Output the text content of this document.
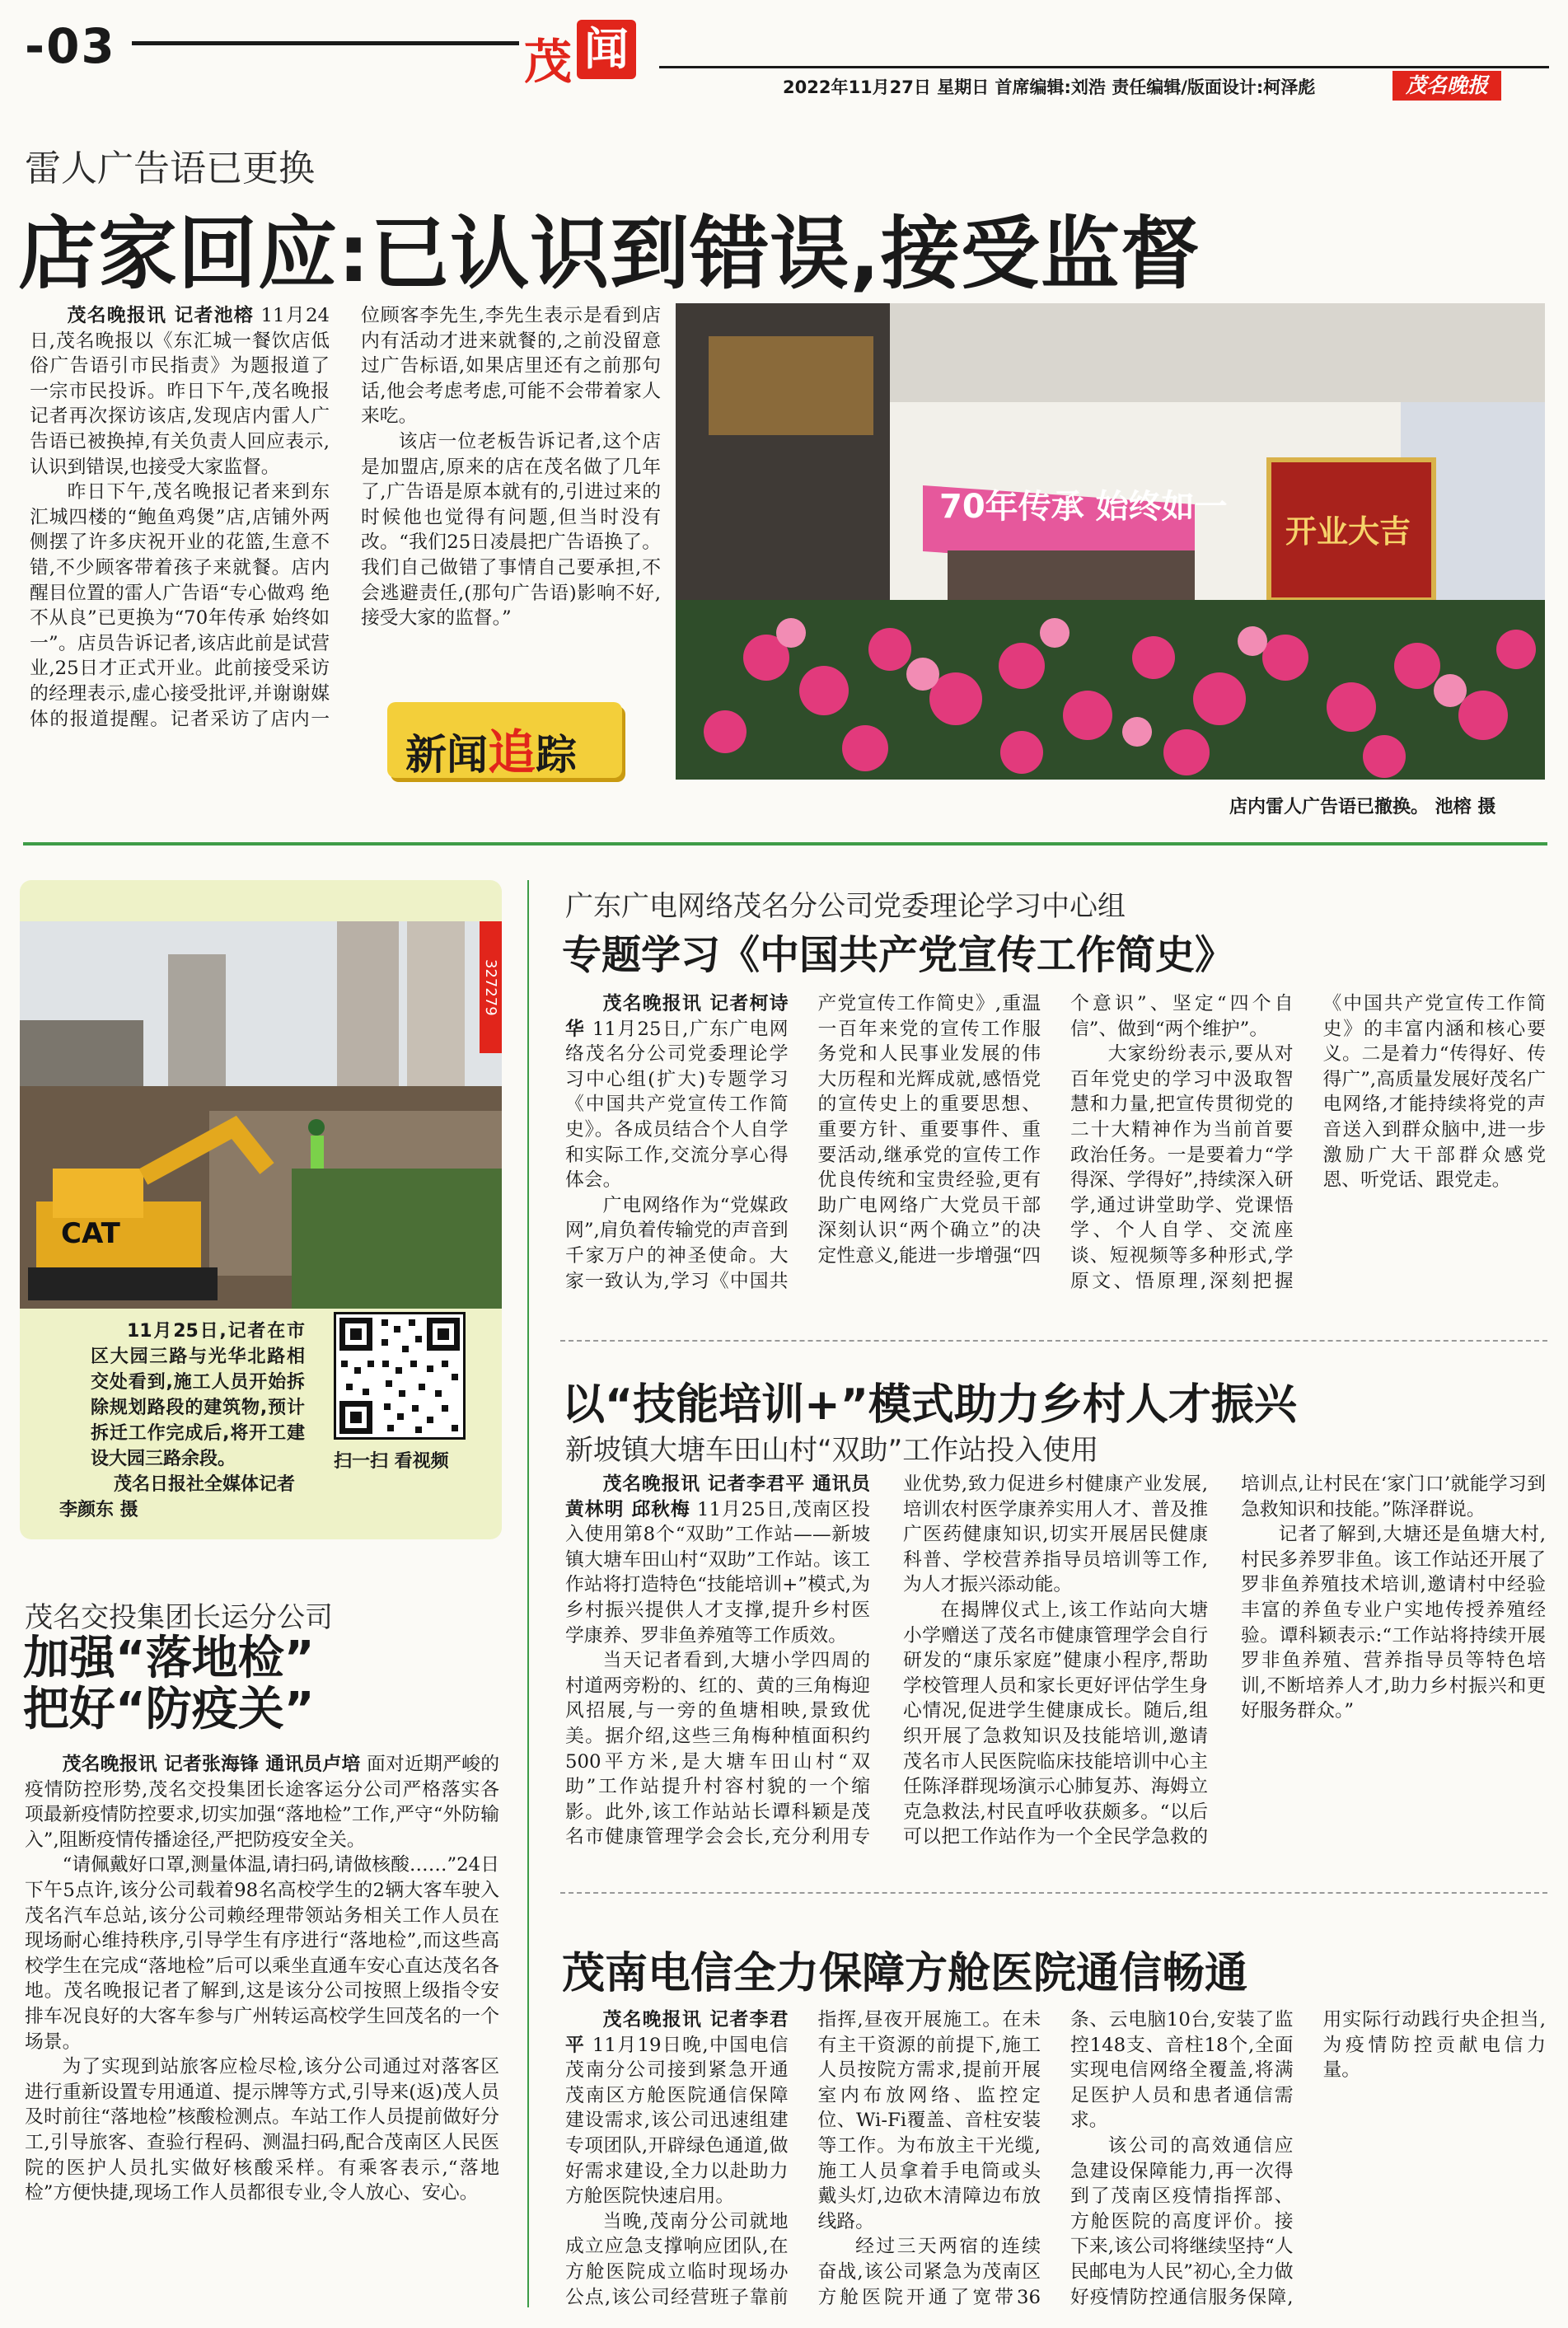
-03	茂 闻
2022年11月27日 星期日 首席编辑:刘浩 责任编辑/版面设计:柯泽彪	茂名晚报
雷人广告语已更换
店家回应:已认识到错误,接受监督

茂名晚报讯 记者池榕 11月24日,茂名晚报以《东汇城一餐饮店低俗广告语引市民指责》为题报道了一宗市民投诉。昨日下午,茂名晚报记者再次探访该店,发现店内雷人广告语已被换掉,有关负责人回应表示,认识到错误,也接受大家监督。

昨日下午,茂名晚报记者来到东汇城四楼的“鲍鱼鸡煲”店,店铺外两侧摆了许多庆祝开业的花篮,生意不错,不少顾客带着孩子来就餐。店内醒目位置的雷人广告语“专心做鸡 绝不从良”已更换为“70年传承 始终如一”。店员告诉记者,该店此前是试营业,25日才正式开业。此前接受采访的经理表示,虚心接受批评,并谢谢媒体的报道提醒。记者采访了店内一位顾客李先生,李先生表示是看到店内有活动才进来就餐的,之前没留意过广告标语,如果店里还有之前那句话,他会考虑考虑,可能不会带着家人来吃。

该店一位老板告诉记者,这个店是加盟店,原来的店在茂名做了几年了,广告语是原本就有的,引进过来的时候他也觉得有问题,但当时没有改。“我们25日凌晨把广告语换了。我们自己做错了事情自己要承担,不会逃避责任,(那句广告语)影响不好,接受大家的监督。”

新闻追踪
70年传承 始终如一
开业大吉
店内雷人广告语已撤换。 池榕 摄
CAT
327279
11月25日,记者在市区大园三路与光华北路相交处看到,施工人员开始拆除规划路段的建筑物,预计拆迁工作完成后,将开工建设大园三路余段。
茂名日报社全媒体记者李颜东 摄
扫一扫 看视频
茂名交投集团长运分公司
加强“落地检”
把好“防疫关”

茂名晚报讯 记者张海锋 通讯员卢培 面对近期严峻的疫情防控形势,茂名交投集团长途客运分公司严格落实各项最新疫情防控要求,切实加强“落地检”工作,严守“外防输入”,阻断疫情传播途径,严把防疫安全关。

“请佩戴好口罩,测量体温,请扫码,请做核酸……”24日下午5点许,该分公司载着98名高校学生的2辆大客车驶入茂名汽车总站,该分公司赖经理带领站务相关工作人员在现场耐心维持秩序,引导学生有序进行“落地检”,而这些高校学生在完成“落地检”后可以乘坐直通车安心直达茂名各地。茂名晚报记者了解到,这是该分公司按照上级指令安排车况良好的大客车参与广州转运高校学生回茂名的一个场景。

为了实现到站旅客应检尽检,该分公司通过对落客区进行重新设置专用通道、提示牌等方式,引导来(返)茂人员及时前往“落地检”核酸检测点。车站工作人员提前做好分工,引导旅客、查验行程码、测温扫码,配合茂南区人民医院的医护人员扎实做好核酸采样。有乘客表示,“落地检”方便快捷,现场工作人员都很专业,令人放心、安心。

广东广电网络茂名分公司党委理论学习中心组
专题学习《中国共产党宣传工作简史》

茂名晚报讯 记者柯诗华 11月25日,广东广电网络茂名分公司党委理论学习中心组(扩大)专题学习《中国共产党宣传工作简史》。各成员结合个人自学和实际工作,交流分享心得体会。

广电网络作为“党媒政网”,肩负着传输党的声音到千家万户的神圣使命。大家一致认为,学习《中国共产党宣传工作简史》,重温一百年来党的宣传工作服务党和人民事业发展的伟大历程和光辉成就,感悟党的宣传史上的重要思想、重要方针、重要事件、重要活动,继承党的宣传工作优良传统和宝贵经验,更有助广电网络广大党员干部深刻认识“两个确立”的决定性意义,能进一步增强“四个意识”、坚定“四个自信”、做到“两个维护”。

大家纷纷表示,要从对百年党史的学习中汲取智慧和力量,把宣传贯彻党的二十大精神作为当前首要政治任务。一是要着力“学得深、学得好”,持续深入研学,通过讲堂助学、党课悟学、个人自学、交流座谈、短视频等多种形式,学原文、悟原理,深刻把握《中国共产党宣传工作简史》的丰富内涵和核心要义。二是着力“传得好、传得广”,高质量发展好茂名广电网络,才能持续将党的声音送入到群众脑中,进一步激励广大干部群众感党恩、听党话、跟党走。

以“技能培训+”模式助力乡村人才振兴
新坡镇大塘车田山村“双助”工作站投入使用

茂名晚报讯 记者李君平 通讯员黄林明 邱秋梅 11月25日,茂南区投入使用第8个“双助”工作站——新坡镇大塘车田山村“双助”工作站。该工作站将打造特色“技能培训+”模式,为乡村振兴提供人才支撑,提升乡村医学康养、罗非鱼养殖等工作质效。

当天记者看到,大塘小学四周的村道两旁粉的、红的、黄的三角梅迎风招展,与一旁的鱼塘相映,景致优美。据介绍,这些三角梅种植面积约500平方米,是大塘车田山村“双助”工作站提升村容村貌的一个缩影。此外,该工作站站长谭科颖是茂名市健康管理学会会长,充分利用专业优势,致力促进乡村健康产业发展,培训农村医学康养实用人才、普及推广医药健康知识,切实开展居民健康科普、学校营养指导员培训等工作,为人才振兴添动能。

在揭牌仪式上,该工作站向大塘小学赠送了茂名市健康管理学会自行研发的“康乐家庭”健康小程序,帮助学校管理人员和家长更好评估学生身心情况,促进学生健康成长。随后,组织开展了急救知识及技能培训,邀请茂名市人民医院临床技能培训中心主任陈泽群现场演示心肺复苏、海姆立克急救法,村民直呼收获颇多。“以后可以把工作站作为一个全民学急救的培训点,让村民在‘家门口’就能学习到急救知识和技能。”陈泽群说。

记者了解到,大塘还是鱼塘大村,村民多养罗非鱼。该工作站还开展了罗非鱼养殖技术培训,邀请村中经验丰富的养鱼专业户实地传授养殖经验。谭科颖表示:“工作站将持续开展罗非鱼养殖、营养指导员等特色培训,不断培养人才,助力乡村振兴和更好服务群众。”

茂南电信全力保障方舱医院通信畅通

茂名晚报讯 记者李君平 11月19日晚,中国电信茂南分公司接到紧急开通茂南区方舱医院通信保障建设需求,该公司迅速组建专项团队,开辟绿色通道,做好需求建设,全力以赴助力方舱医院快速启用。

当晚,茂南分公司就地成立应急支撑响应团队,在方舱医院成立临时现场办公点,该公司经营班子靠前指挥,昼夜开展施工。在未有主干资源的前提下,施工人员按院方需求,提前开展室内布放网络、监控定位、Wi-Fi覆盖、音柱安装等工作。为布放主干光缆,施工人员拿着手电筒或头戴头灯,边砍木清障边布放线路。

经过三天两宿的连续奋战,该公司紧急为茂南区方舱医院开通了宽带36条、云电脑10台,安装了监控148支、音柱18个,全面实现电信网络全覆盖,将满足医护人员和患者通信需求。

该公司的高效通信应急建设保障能力,再一次得到了茂南区疫情指挥部、方舱医院的高度评价。接下来,该公司将继续坚持“人民邮电为人民”初心,全力做好疫情防控通信服务保障,用实际行动践行央企担当,为疫情防控贡献电信力量。
